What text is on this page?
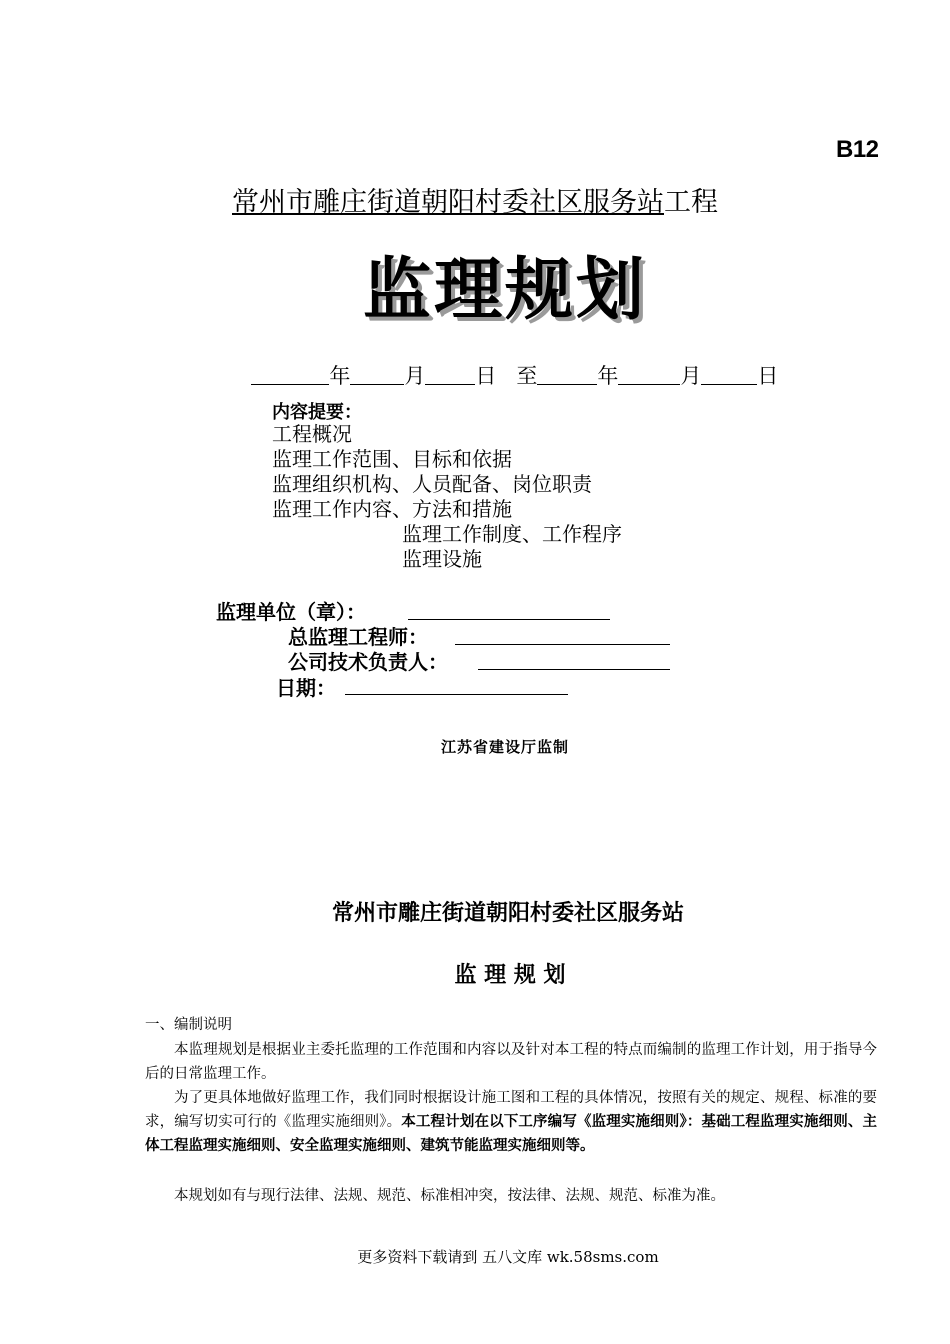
B12
常州市雕庄街道朝阳村委社区服务站工程
监理规划

年	月 日 至	年	月	日

内容提要：
工程概况
监理工作范围、目标和依据
监理组织机构、人员配备、岗位职责
监理工作内容、方法和措施
监理工作制度、工作程序
监理设施
监理单位（章）：
总监理工程师：
公司技术负责人：
日期：
江苏省建设厅监制
常州市雕庄街道朝阳村委社区服务站
监 理 规 划
一、编制说明
本监理规划是根据业主委托监理的工作范围和内容以及针对本工程的特点而编制的监理工作计划，用于指导今后的日常监理工作。
为了更具体地做好监理工作，我们同时根据设计施工图和工程的具体情况，按照有关的规定、规程、标准的要求，编写切实可行的《监理实施细则》。本工程计划在以下工序编写《监理实施细则》：基础工程监理实施细则、主体工程监理实施细则、安全监理实施细则、建筑节能监理实施细则等。
本规划如有与现行法律、法规、规范、标准相冲突，按法律、法规、规范、标准为准。
更多资料下载请到 五八文库 wk.58sms.com
